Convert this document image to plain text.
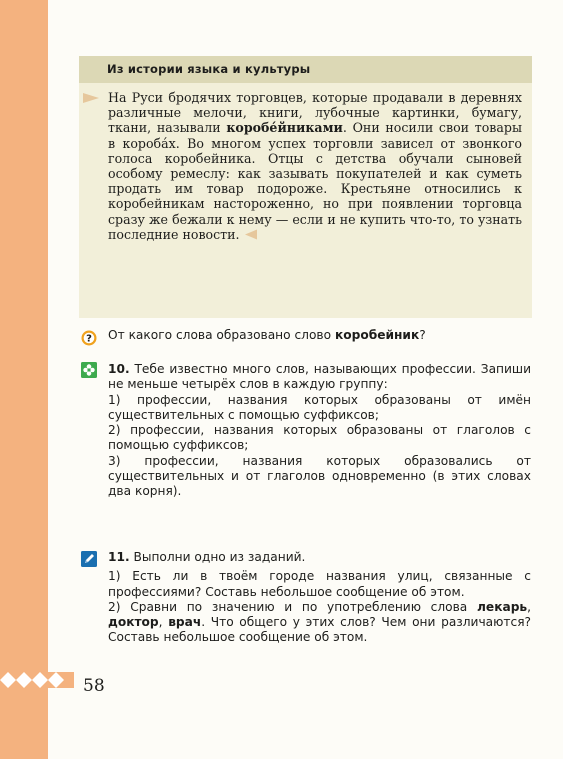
Из истории языка и культуры

На Руси бродячих торговцев, которые продавали в деревнях различные мелочи, книги, лубочные картинки, бумагу, ткани, называли коробе́йниками. Они носили свои товары в коробáх. Во многом успех торговли зависел от звонкого голоса коробейника. Отцы с детства обучали сыновей особому ремеслу: как зазывать покупателей и как суметь продать им товар подороже. Крестьяне относились к коробейникам настороженно, но при появлении торговца сразу же бежали к нему — если и не купить что-то, то узнать последние новости.

? От какого слова образовано слово коробейник?

10. Тебе известно много слов, называющих профессии. Запиши не меньше четырёх слов в каждую группу:

1) профессии, названия которых образованы от имён существительных с помощью суффиксов;

2) профессии, названия которых образованы от глаголов с помощью суффиксов;

3) профессии, названия которых образовались от существительных и от глаголов одновременно (в этих словах два корня).

11. Выполни одно из заданий.

1) Есть ли в твоём городе названия улиц, связанные с профессиями? Составь небольшое сообщение об этом.

2) Сравни по значению и по употреблению слова лекарь, доктор, врач. Что общего у этих слов? Чем они различаются? Составь небольшое сообщение об этом.

58
